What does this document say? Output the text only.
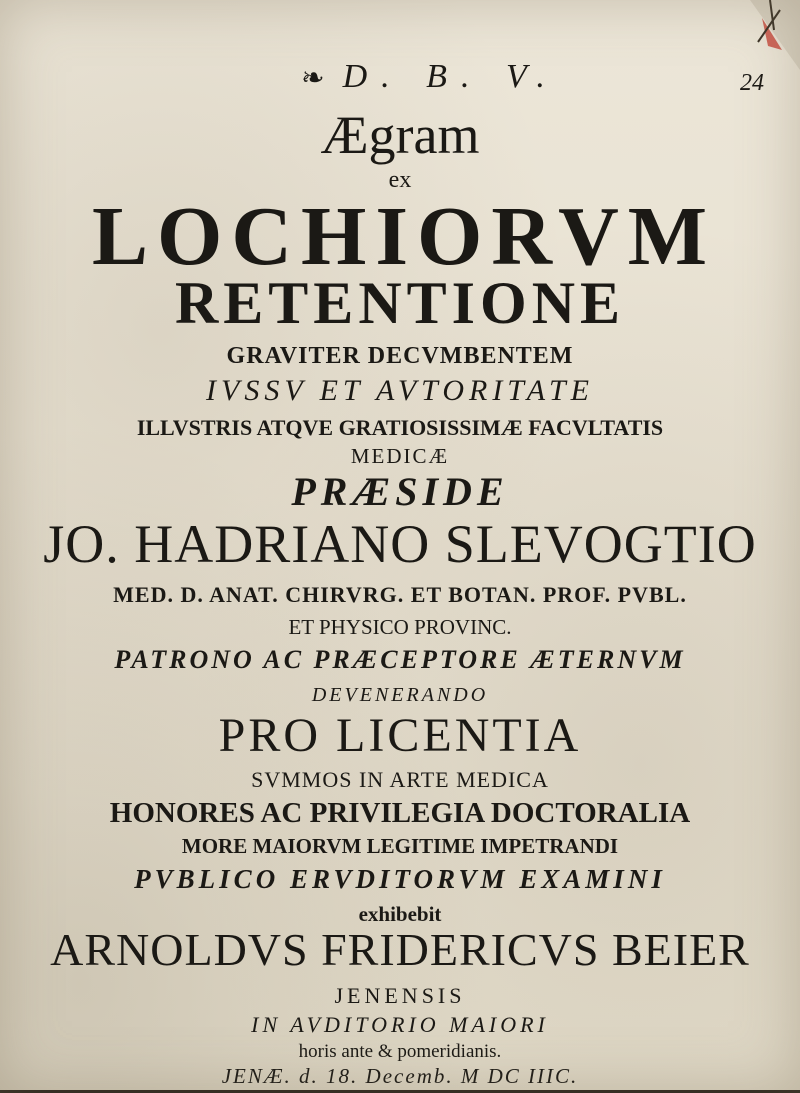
❧ D. B. V.	24
Ægram
ex
LOCHIORVM
RETENTIONE
GRAVITER DECVMBENTEM
IVSSV ET AVTORITATE
ILLVSTRIS ATQVE GRATIOSISSIMÆ FACVLTATIS
MEDICÆ
PRÆSIDE
JO. HADRIANO SLEVOGTIO
MED. D. ANAT. CHIRVRG. ET BOTAN. PROF. PVBL.
ET PHYSICO PROVINC.
PATRONO AC PRÆCEPTORE ÆTERNVM
DEVENERANDO
PRO LICENTIA
SVMMOS IN ARTE MEDICA
HONORES AC PRIVILEGIA DOCTORALIA
MORE MAIORVM LEGITIME IMPETRANDI
PVBLICO ERVDITORVM EXAMINI
exhibebit
ARNOLDVS FRIDERICVS BEIER
JENENSIS
IN AVDITORIO MAIORI
horis ante & pomeridianis.
JENÆ. d. 18. Decemb. M DC IIIC.
